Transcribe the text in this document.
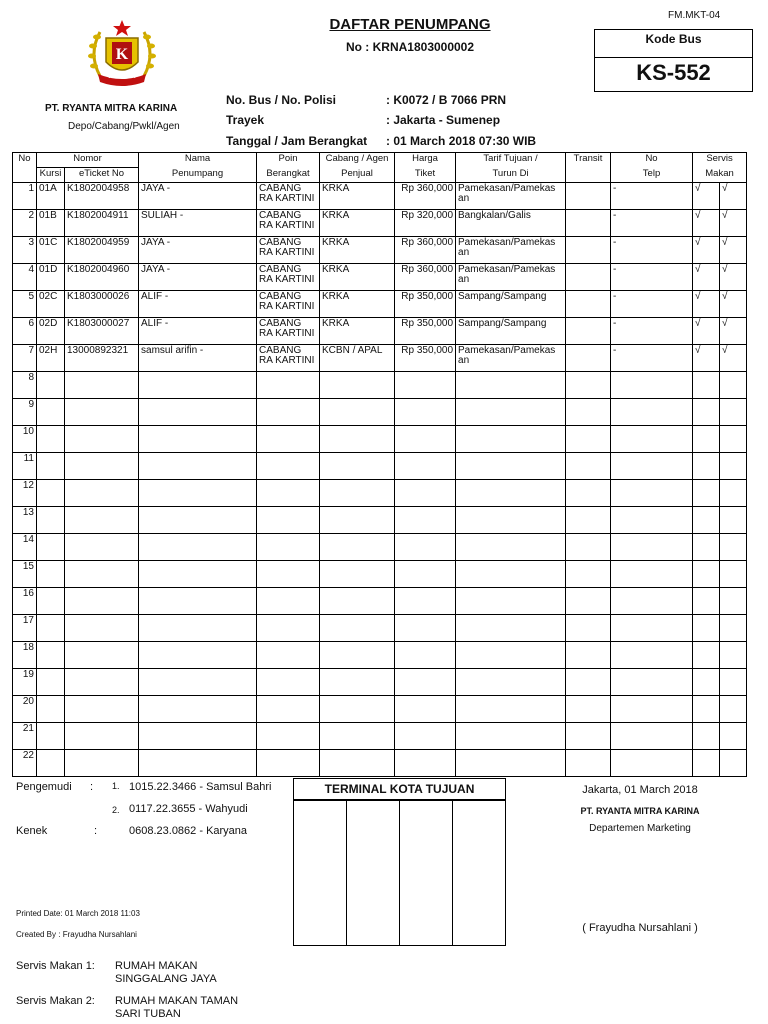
FM.MKT-04
K
KARINA
DAFTAR PENUMPANG
No : KRNA1803000002
Kode Bus
KS-552
PT. RYANTA MITRA KARINA
Depo/Cabang/Pwkl/Agen
No. Bus / No. Polisi	: K0072 / B 7066 PRN
Trayek	: Jakarta - Sumenep
Tanggal / Jam Berangkat : 01 March 2018 07:30 WIB
No	Nomor		Nama	Poin	Cabang / Agen	Harga	Tarif Tujuan /	Transit	No	Servis	
	Kursi	eTicket No	Penumpang	Berangkat	Penjual	Tiket	Turun Di		Telp	Makan	
1	01A	K1802004958	JAYA -	CABANG RA KARTINI	KRKA	Rp 360,000	Pamekasan/Pamekas an		-	√	√
2	01B	K1802004911	SULIAH -	CABANG RA KARTINI	KRKA	Rp 320,000	Bangkalan/Galis		-	√	√
3	01C	K1802004959	JAYA -	CABANG RA KARTINI	KRKA	Rp 360,000	Pamekasan/Pamekas an		-	√	√
4	01D	K1802004960	JAYA -	CABANG RA KARTINI	KRKA	Rp 360,000	Pamekasan/Pamekas an		-	√	√
5	02C	K1803000026	ALIF -	CABANG RA KARTINI	KRKA	Rp 350,000	Sampang/Sampang		-	√	√
6	02D	K1803000027	ALIF -	CABANG RA KARTINI	KRKA	Rp 350,000	Sampang/Sampang		-	√	√
7	02H	13000892321	samsul arifin -	CABANG RA KARTINI	KCBN / APAL	Rp 350,000	Pamekasan/Pamekas an		-	√	√
8											
9											
10											
11											
12											
13											
14											
15											
16											
17											
18											
19											
20											
21											
22											
Pengemudi : 1. 1015.22.3466 - Samsul Bahri
2. 0117.22.3655 - Wahyudi
Kenek	:	0608.23.0862 - Karyana
TERMINAL KOTA TUJUAN	Jakarta, 01 March 2018
PT. RYANTA MITRA KARINA
Departemen Marketing
( Frayudha Nursahlani )
Printed Date: 01 March 2018 11:03
Created By : Frayudha Nursahlani
Servis Makan 1: RUMAH MAKAN SINGGALANG JAYA
Servis Makan 2: RUMAH MAKAN TAMAN SARI TUBAN
